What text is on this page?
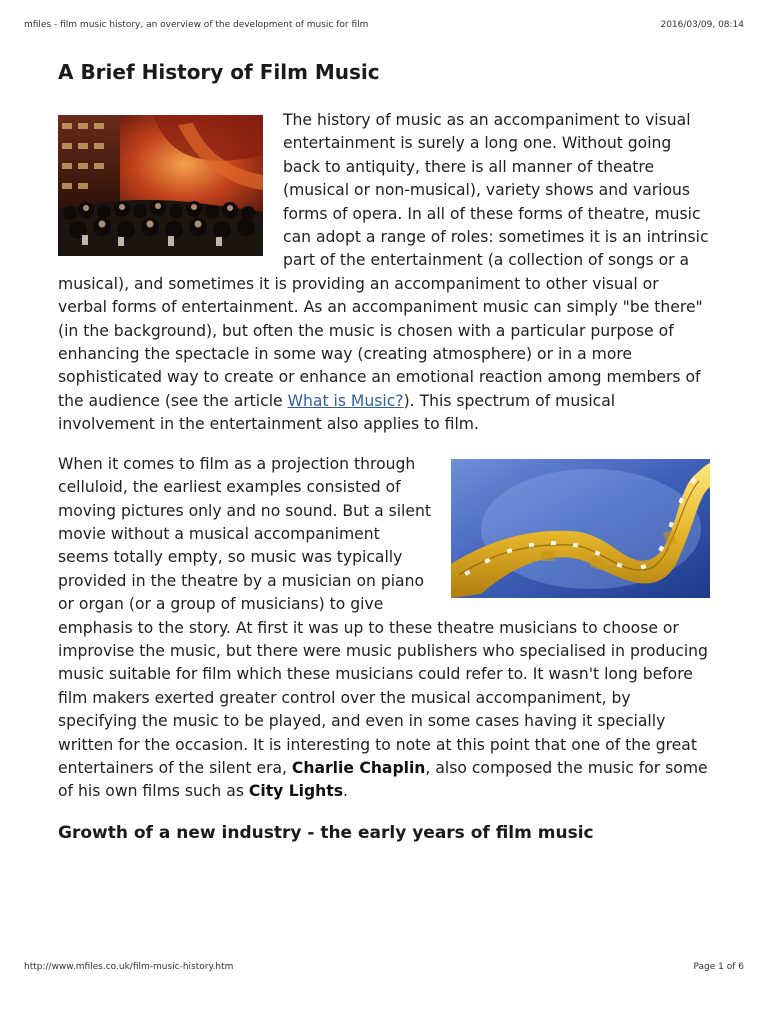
mfiles - film music history, an overview of the development of music for film	2016/03/09, 08:14
A Brief History of Film Music

The history of music as an accompaniment to visual entertainment is surely a long one. Without going back to antiquity, there is all manner of theatre (musical or non-musical), variety shows and various forms of opera. In all of these forms of theatre, music can adopt a range of roles: sometimes it is an intrinsic part of the entertainment (a collection of songs or a musical), and sometimes it is providing an accompaniment to other visual or verbal forms of entertainment. As an accompaniment music can simply "be there" (in the background), but often the music is chosen with a particular purpose of enhancing the spectacle in some way (creating atmosphere) or in a more sophisticated way to create or enhance an emotional reaction among members of the audience (see the article What is Music?). This spectrum of musical involvement in the entertainment also applies to film.

When it comes to film as a projection through celluloid, the earliest examples consisted of moving pictures only and no sound. But a silent movie without a musical accompaniment seems totally empty, so music was typically provided in the theatre by a musician on piano or organ (or a group of musicians) to give emphasis to the story. At first it was up to these theatre musicians to choose or improvise the music, but there were music publishers who specialised in producing music suitable for film which these musicians could refer to. It wasn't long before film makers exerted greater control over the musical accompaniment, by specifying the music to be played, and even in some cases having it specially written for the occasion. It is interesting to note at this point that one of the great entertainers of the silent era, Charlie Chaplin, also composed the music for some of his own films such as City Lights.

Growth of a new industry - the early years of film music
http://www.mfiles.co.uk/film-music-history.htm	Page 1 of 6
